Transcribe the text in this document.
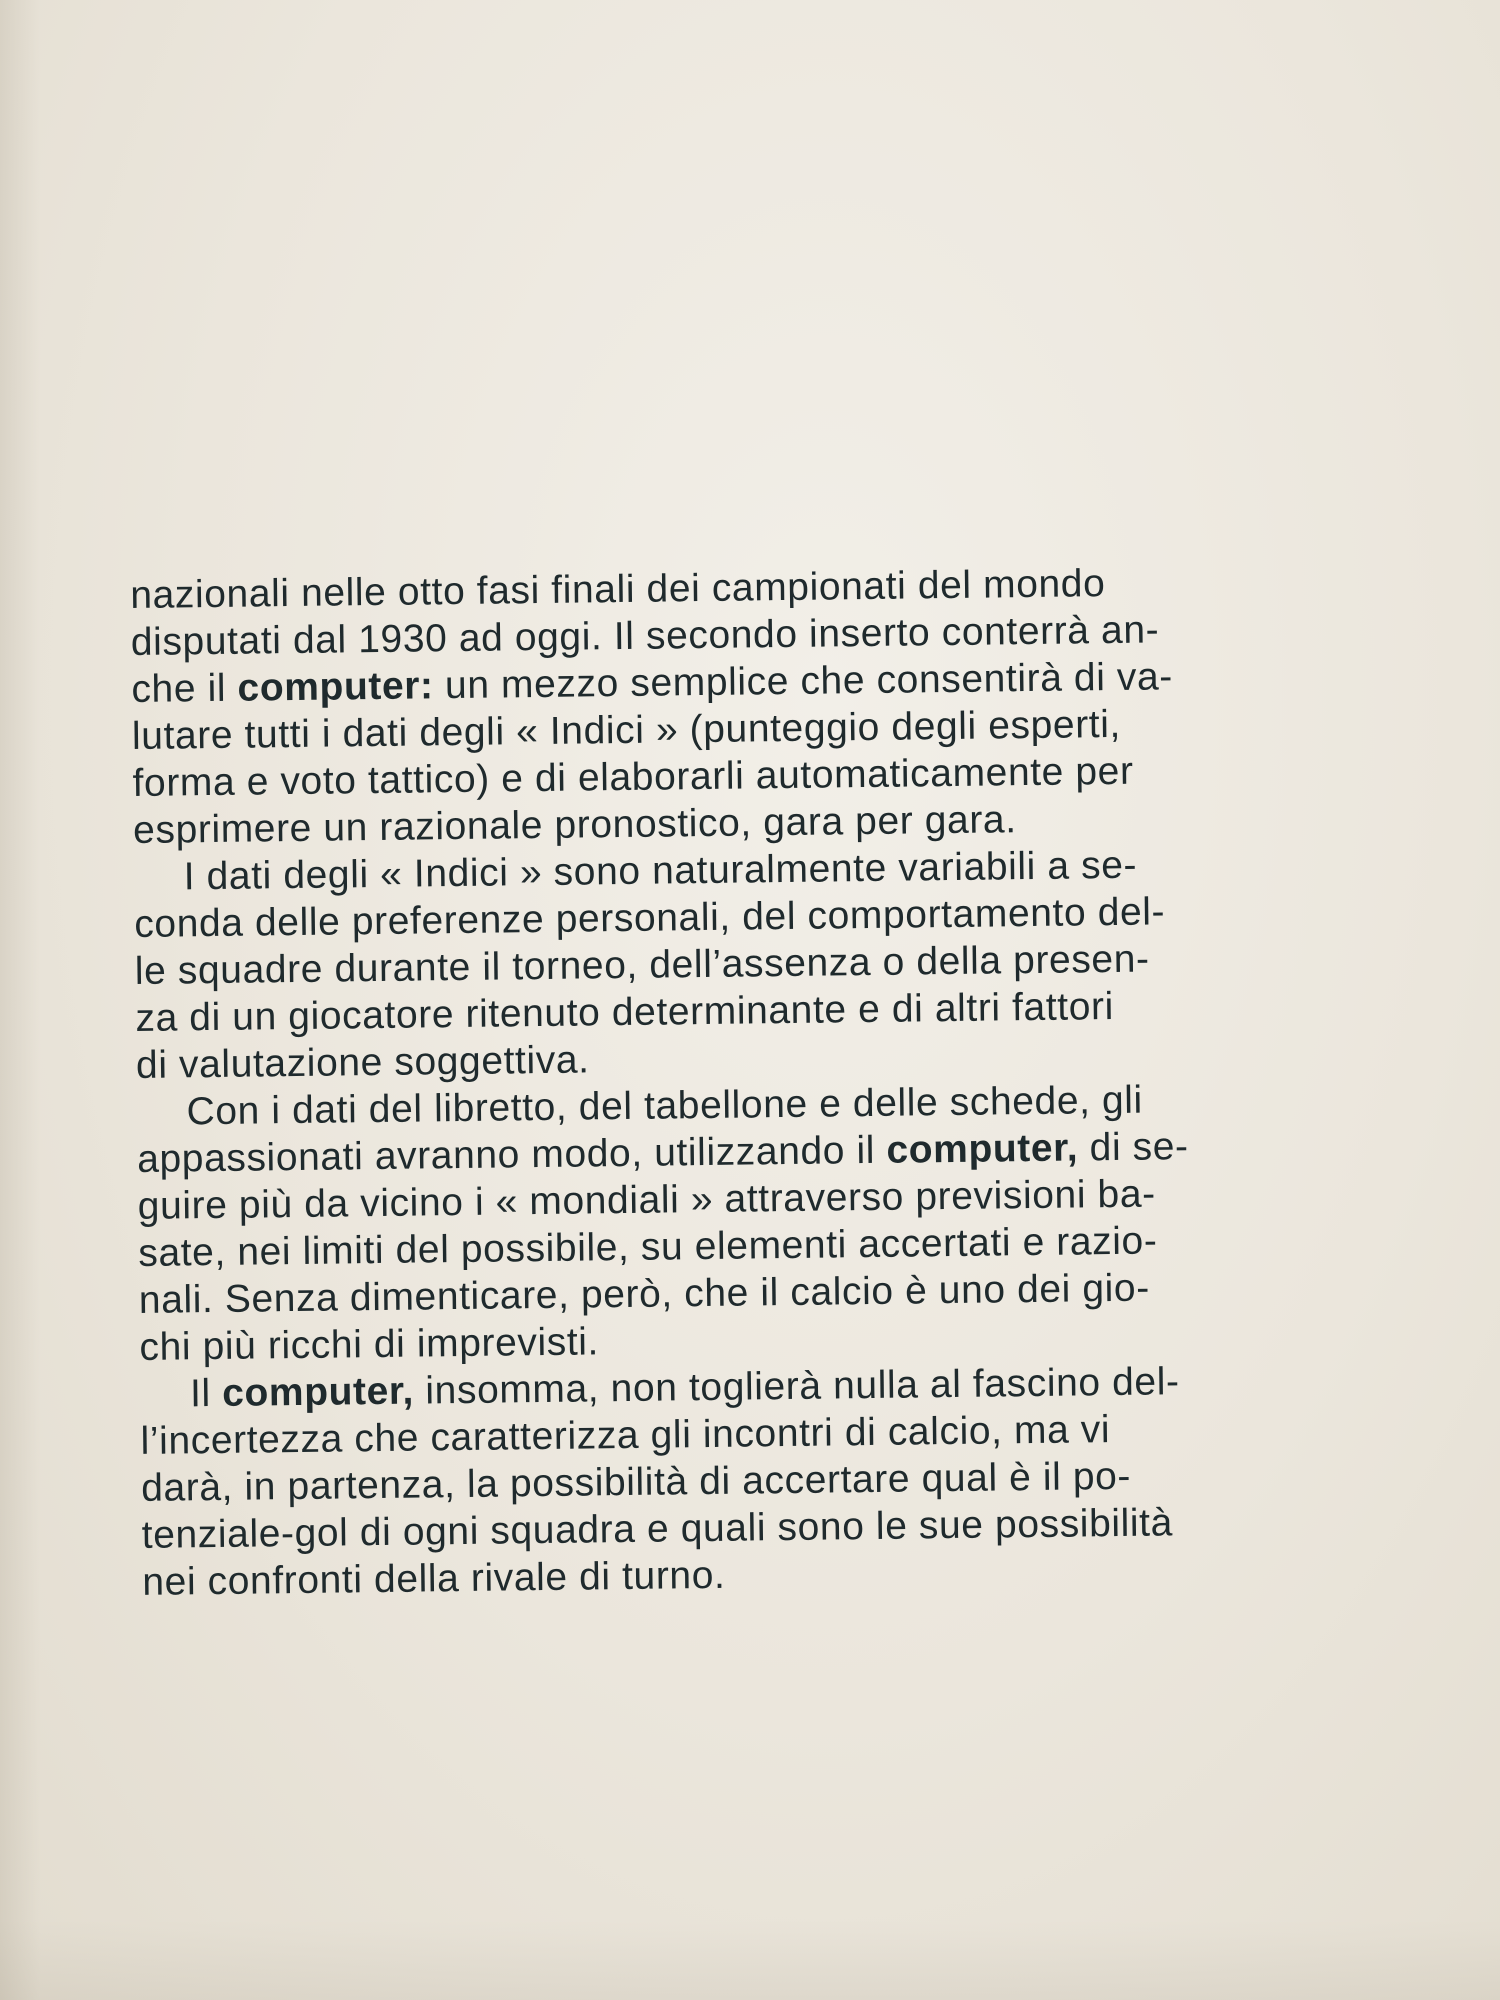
nazionali nelle otto fasi finali dei campionati del mondo
disputati dal 1930 ad oggi. Il secondo inserto conterrà an-
che il computer: un mezzo semplice che consentirà di va-
lutare tutti i dati degli « Indici » (punteggio degli esperti,
forma e voto tattico) e di elaborarli automaticamente per
esprimere un razionale pronostico, gara per gara.
I dati degli « Indici » sono naturalmente variabili a se-
conda delle preferenze personali, del comportamento del-
le squadre durante il torneo, dell’assenza o della presen-
za di un giocatore ritenuto determinante e di altri fattori
di valutazione soggettiva.
Con i dati del libretto, del tabellone e delle schede, gli
appassionati avranno modo, utilizzando il computer, di se-
guire più da vicino i « mondiali » attraverso previsioni ba-
sate, nei limiti del possibile, su elementi accertati e razio-
nali. Senza dimenticare, però, che il calcio è uno dei gio-
chi più ricchi di imprevisti.
Il computer, insomma, non toglierà nulla al fascino del-
l’incertezza che caratterizza gli incontri di calcio, ma vi
darà, in partenza, la possibilità di accertare qual è il po-
tenziale-gol di ogni squadra e quali sono le sue possibilità
nei confronti della rivale di turno.
